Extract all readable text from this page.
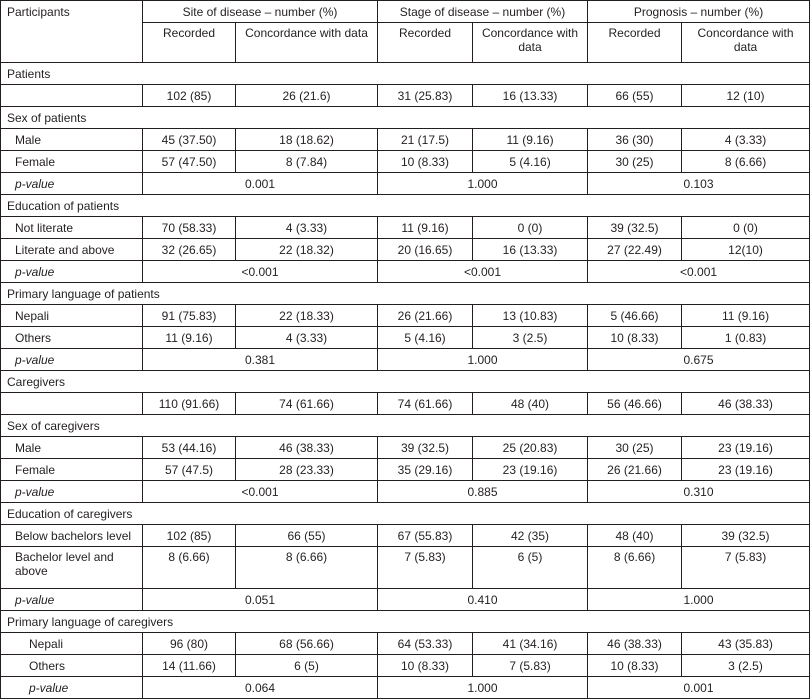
Participants	Site of disease – number (%)		Stage of disease – number (%)		Prognosis – number (%)	
	Recorded	Concordance with data	Recorded	Concordance with data	Recorded	Concordance with data
Patients						
	102 (85)	26 (21.6)	31 (25.83)	16 (13.33)	66 (55)	12 (10)
Sex of patients						
Male	45 (37.50)	18 (18.62)	21 (17.5)	11 (9.16)	36 (30)	4 (3.33)
Female	57 (47.50)	8 (7.84)	10 (8.33)	5 (4.16)	30 (25)	8 (6.66)
p-value	0.001		1.000		0.103	
Education of patients						
Not literate	70 (58.33)	4 (3.33)	11 (9.16)	0 (0)	39 (32.5)	0 (0)
Literate and above	32 (26.65)	22 (18.32)	20 (16.65)	16 (13.33)	27 (22.49)	12(10)
p-value	<0.001		<0.001		<0.001	
Primary language of patients						
Nepali	91 (75.83)	22 (18.33)	26 (21.66)	13 (10.83)	5 (46.66)	11 (9.16)
Others	11 (9.16)	4 (3.33)	5 (4.16)	3 (2.5)	10 (8.33)	1 (0.83)
p-value	0.381		1.000		0.675	
Caregivers						
	110 (91.66)	74 (61.66)	74 (61.66)	48 (40)	56 (46.66)	46 (38.33)
Sex of caregivers						
Male	53 (44.16)	46 (38.33)	39 (32.5)	25 (20.83)	30 (25)	23 (19.16)
Female	57 (47.5)	28 (23.33)	35 (29.16)	23 (19.16)	26 (21.66)	23 (19.16)
p-value	<0.001		0.885		0.310	
Education of caregivers						
Below bachelors level	102 (85)	66 (55)	67 (55.83)	42 (35)	48 (40)	39 (32.5)
Bachelor level and above	8 (6.66)	8 (6.66)	7 (5.83)	6 (5)	8 (6.66)	7 (5.83)
p-value	0.051		0.410		1.000	
Primary language of caregivers						
Nepali	96 (80)	68 (56.66)	64 (53.33)	41 (34.16)	46 (38.33)	43 (35.83)
Others	14 (11.66)	6 (5)	10 (8.33)	7 (5.83)	10 (8.33)	3 (2.5)
p-value	0.064		1.000		0.001	
